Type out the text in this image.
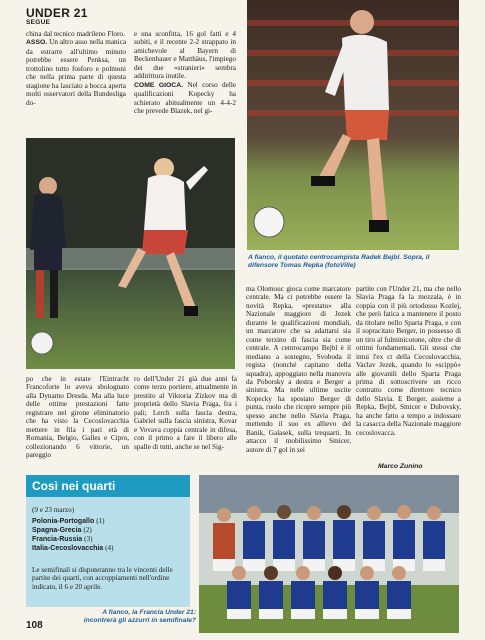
UNDER 21
SEGUE
china dal tecnico madrileno Floro.
ASSO. Un altro asso nella manica da estrarre all'ultimo minuto potrebbe essere Penksa, un trottolino tutto fosforo e polmoni che nella prima parte di questa stagione ha lasciato a bocca aperta molti osservatori della Bundesliga do-
e una sconfitta, 16 gol fatti e 4 subiti, e il recente 2-2 strappato in amichevole al Bayern di Beckenbauer e Matthäus, l'impiego dei due «stranieri» sembra addirittura inutile.
COME GIOCA. Nel corso delle qualificazioni Kopecky ha schierato abitualmente un 4-4-2 che prevede Blazek, nel gi-
A fianco, il quotato centrocampista Radek Bejbl. Sopra, il difensore Tomas Repka (fotoVille)
po che in estate l'Eintracht Francoforte lo aveva sbolognato alla Dynamo Dresda. Ma alla luce delle ottime prestazioni fatte registrare nel girone eliminatorio che ha visto la Cecoslovacchia mettere in fila i pari età di Romania, Belgio, Galles e Cipro, collezionando 6 vittorie, un pareggio
ro dell'Under 21 già due anni fa come terzo portiere, attualmente in prestito al Viktoria Zizkov ma di proprietà dello Slavia Praga, fra i pali; Lerch sulla fascia destra, Gabriel sulla fascia sinistra, Kovar e Vovava coppia centrale in difesa, con il primo a fare il libero alle spalle di tutti, anche se nel Sig-
ma Olomouc gioca come marcatore centrale. Ma ci potrebbe essere la novità Repka, «prestato» alla Nazionale maggiore di Jezek durante le qualificazioni mondiali, un marcatore che sa adattarsi sia come terzino di fascia sia come centrale. A centrocampo Bejbl è il mediano a sostegno, Svoboda il regista (nonché capitano della squadra), appoggiato nella manovra da Poborsky a destra e Berger a sinistra. Ma nelle ultime uscite Kopecky ha spostato Berger di punta, ruolo che ricopre sempre più spesso anche nello Slavia Praga, mettendo il suo ex allievo del Banik, Galasek, sulla trequarti. In attacco il mobilissimo Smicer, autore di 7 gol in sei
partite con l'Under 21, ma che nello Slavia Praga fa la mezzala, è in coppia con il più ortodosso Kozlej, che però fatica a mantenere il posto da titolare nello Sparta Praga, e con il sopracitato Berger, in possesso di un tiro al fulminicotone, oltre che di ottimi fondamentali. Gli stessi che intui l'ex ct della Cecoslovacchia, Vaclav Jezek, quando lo «scippò» alle giovanili dello Sparta Praga prima di sottoscrivere un ricco contratto come direttore tecnico dello Slavia. E Berger, assieme a Repka, Bejbl, Smicer e Dubovsky, ha anche fatto a tempo a indossare la casacca della Nazionale maggiore cecoslovacca.
Marco Zunino
Così nei quarti
(9 e 23 marzo)
Polonia-Portogallo (1)
Spagna-Grecia (2)
Francia-Russia (3)
Italia-Cecoslovacchia (4)
Le semifinali si disputeranno tra le vincenti delle partite dei quarti, con accoppiamenti nell'ordine indicato, il 6 e 20 aprile.
A fianco, la Francia Under 21: incontrerà gli azzurri in semifinale?
108
